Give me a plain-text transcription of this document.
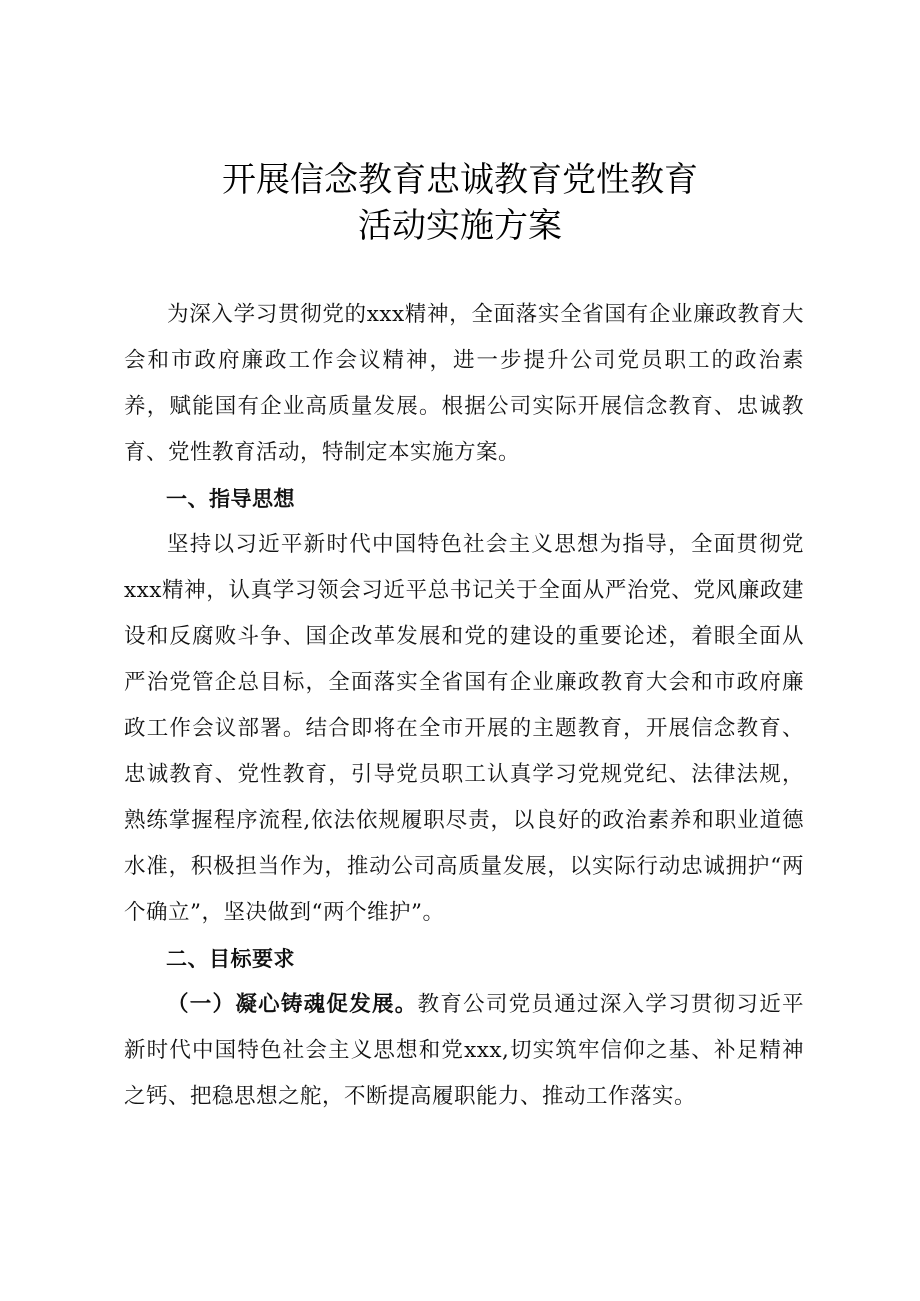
开展信念教育忠诚教育党性教育
活动实施方案

为深入学习贯彻党的xxx精神，全面落实全省国有企业廉政教育大会和市政府廉政工作会议精神，进一步提升公司党员职工的政治素养，赋能国有企业高质量发展。根据公司实际开展信念教育、忠诚教育、党性教育活动，特制定本实施方案。

一、指导思想

坚持以习近平新时代中国特色社会主义思想为指导，全面贯彻党xxx精神，认真学习领会习近平总书记关于全面从严治党、党风廉政建设和反腐败斗争、国企改革发展和党的建设的重要论述，着眼全面从严治党管企总目标，全面落实全省国有企业廉政教育大会和市政府廉政工作会议部署。结合即将在全市开展的主题教育，开展信念教育、忠诚教育、党性教育，引导党员职工认真学习党规党纪、法律法规，熟练掌握程序流程,依法依规履职尽责，以良好的政治素养和职业道德水准，积极担当作为，推动公司高质量发展，以实际行动忠诚拥护“两个确立”，坚决做到“两个维护”。

二、目标要求

（一）凝心铸魂促发展。教育公司党员通过深入学习贯彻习近平新时代中国特色社会主义思想和党xxx,切实筑牢信仰之基、补足精神之钙、把稳思想之舵，不断提高履职能力、推动工作落实。
